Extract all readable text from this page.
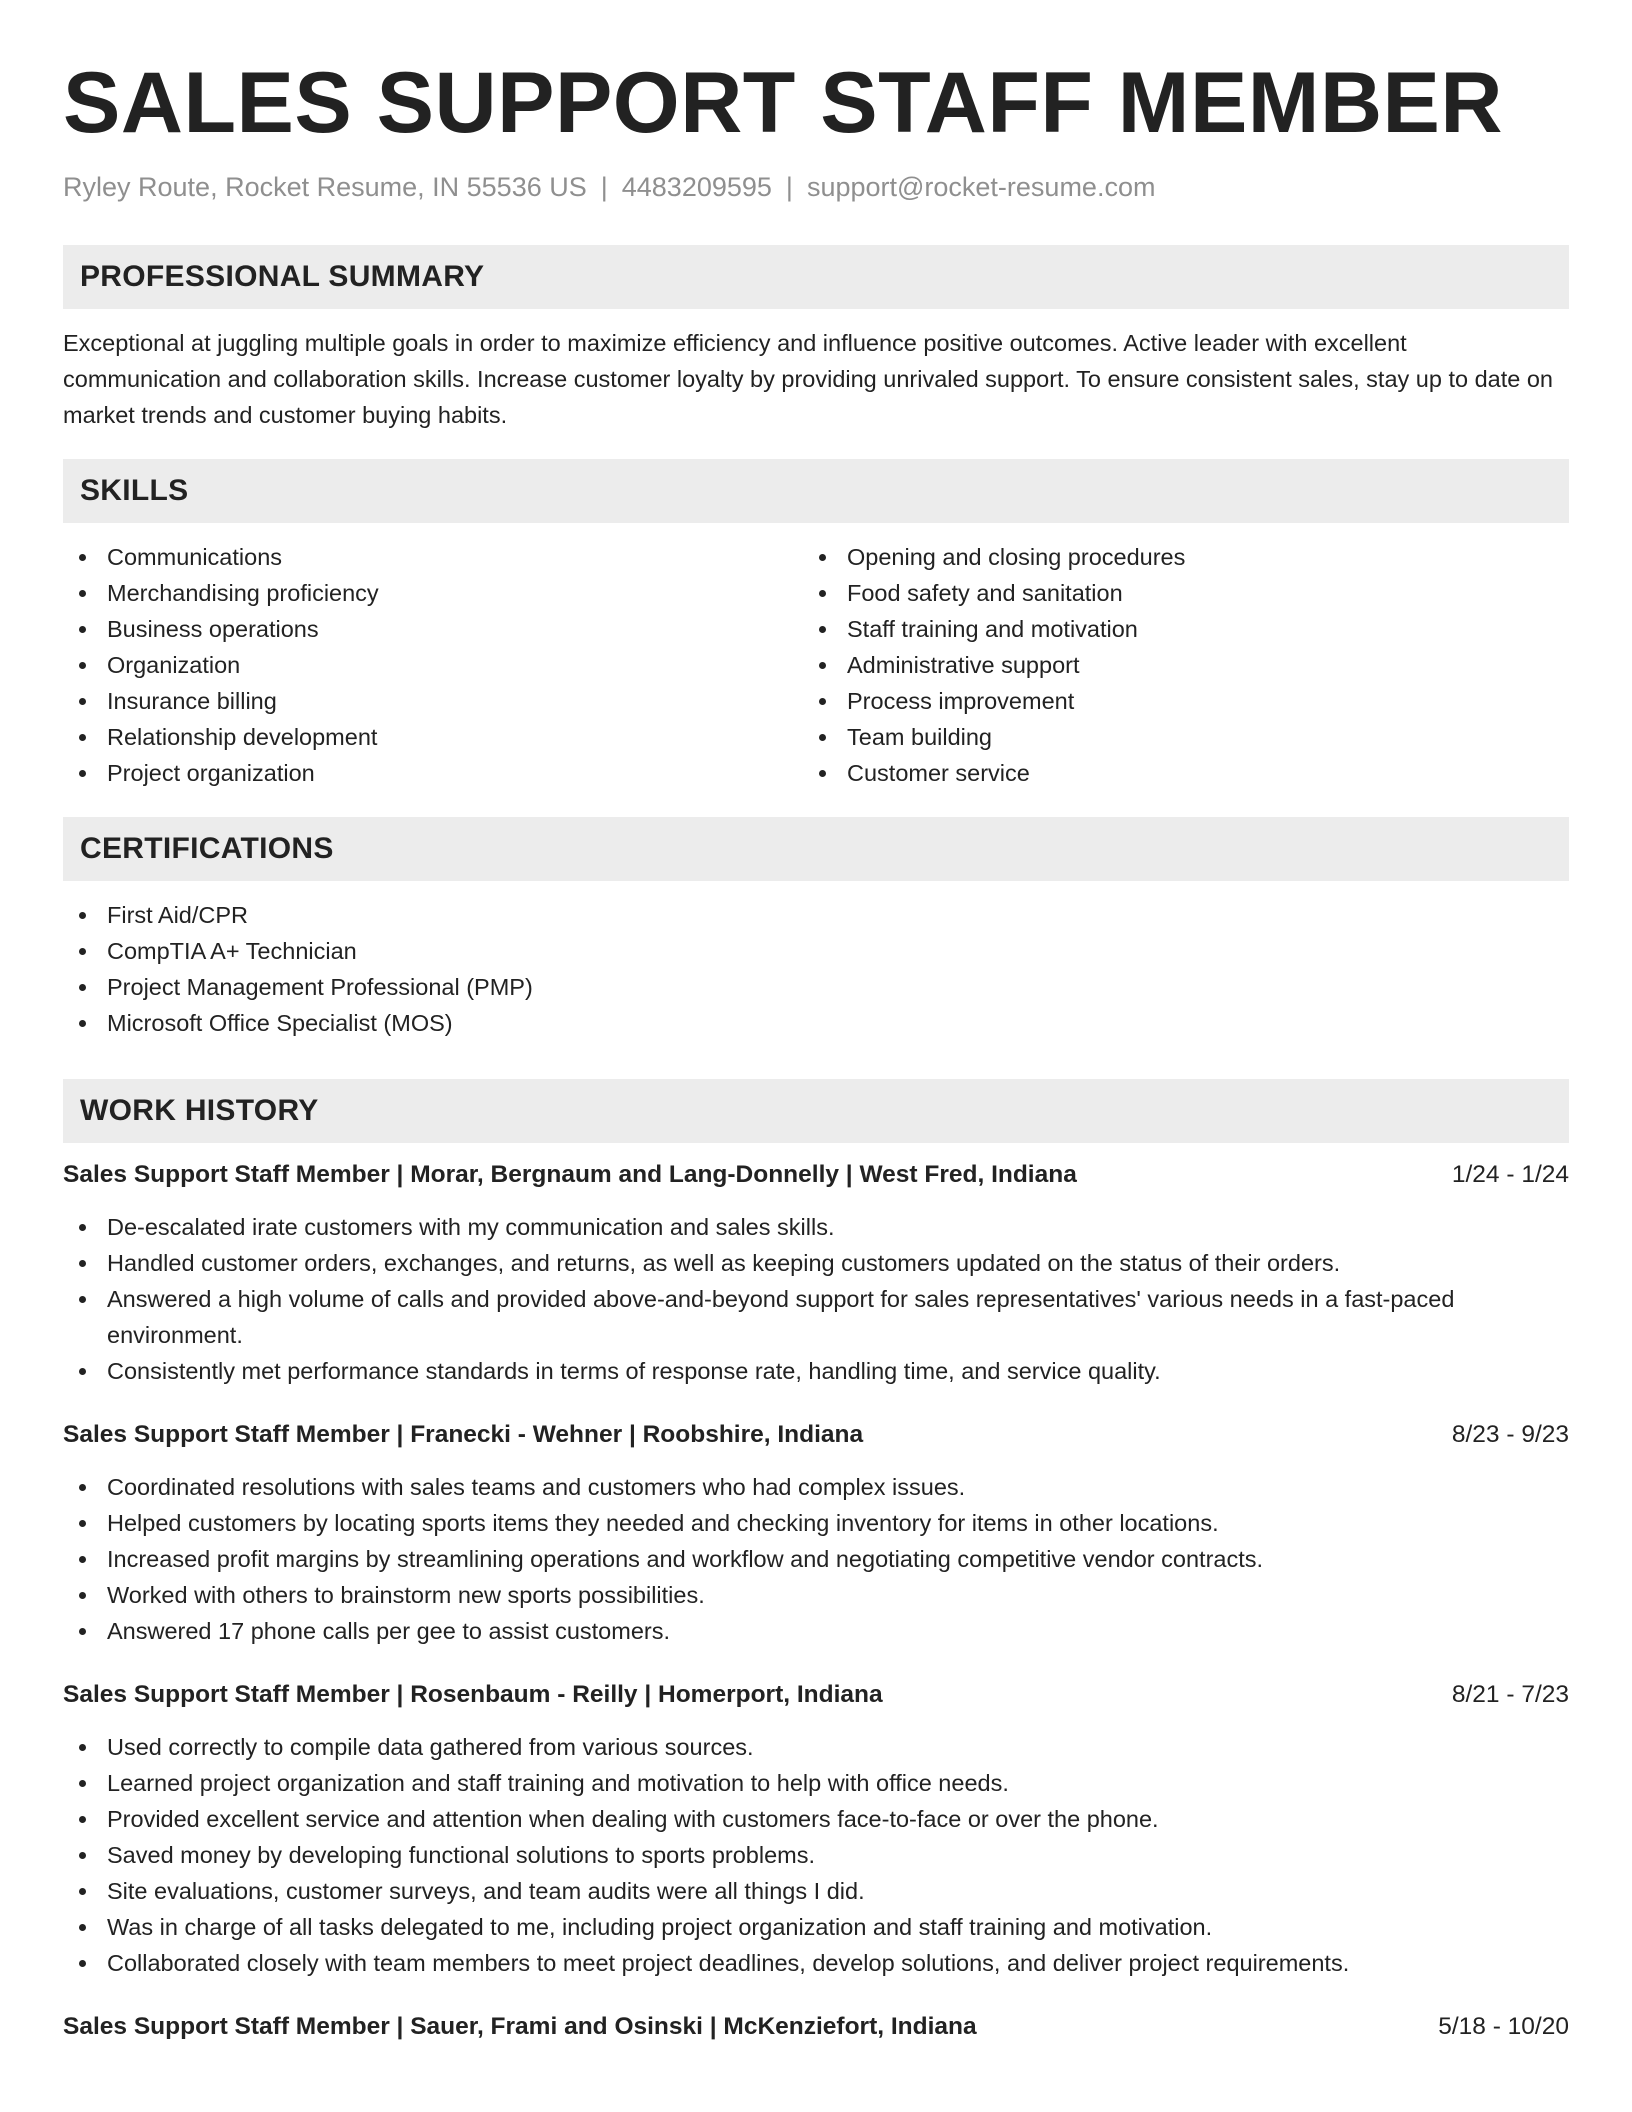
SALES SUPPORT STAFF MEMBER
Ryley Route, Rocket Resume, IN 55536 US | 4483209595 | support@rocket-resume.com
PROFESSIONAL SUMMARY
Exceptional at juggling multiple goals in order to maximize efficiency and influence positive outcomes. Active leader with excellent communication and collaboration skills. Increase customer loyalty by providing unrivaled support. To ensure consistent sales, stay up to date on market trends and customer buying habits.
SKILLS
Communications
Merchandising proficiency
Business operations
Organization
Insurance billing
Relationship development
Project organization
Opening and closing procedures
Food safety and sanitation
Staff training and motivation
Administrative support
Process improvement
Team building
Customer service
CERTIFICATIONS
First Aid/CPR
CompTIA A+ Technician
Project Management Professional (PMP)
Microsoft Office Specialist (MOS)
WORK HISTORY
Sales Support Staff Member | Morar, Bergnaum and Lang-Donnelly | West Fred, Indiana	1/24 - 1/24
De-escalated irate customers with my communication and sales skills.
Handled customer orders, exchanges, and returns, as well as keeping customers updated on the status of their orders.
Answered a high volume of calls and provided above-and-beyond support for sales representatives' various needs in a fast-paced environment.
Consistently met performance standards in terms of response rate, handling time, and service quality.
Sales Support Staff Member | Franecki - Wehner | Roobshire, Indiana	8/23 - 9/23
Coordinated resolutions with sales teams and customers who had complex issues.
Helped customers by locating sports items they needed and checking inventory for items in other locations.
Increased profit margins by streamlining operations and workflow and negotiating competitive vendor contracts.
Worked with others to brainstorm new sports possibilities.
Answered 17 phone calls per gee to assist customers.
Sales Support Staff Member | Rosenbaum - Reilly | Homerport, Indiana	8/21 - 7/23
Used correctly to compile data gathered from various sources.
Learned project organization and staff training and motivation to help with office needs.
Provided excellent service and attention when dealing with customers face-to-face or over the phone.
Saved money by developing functional solutions to sports problems.
Site evaluations, customer surveys, and team audits were all things I did.
Was in charge of all tasks delegated to me, including project organization and staff training and motivation.
Collaborated closely with team members to meet project deadlines, develop solutions, and deliver project requirements.
Sales Support Staff Member | Sauer, Frami and Osinski | McKenziefort, Indiana	5/18 - 10/20
